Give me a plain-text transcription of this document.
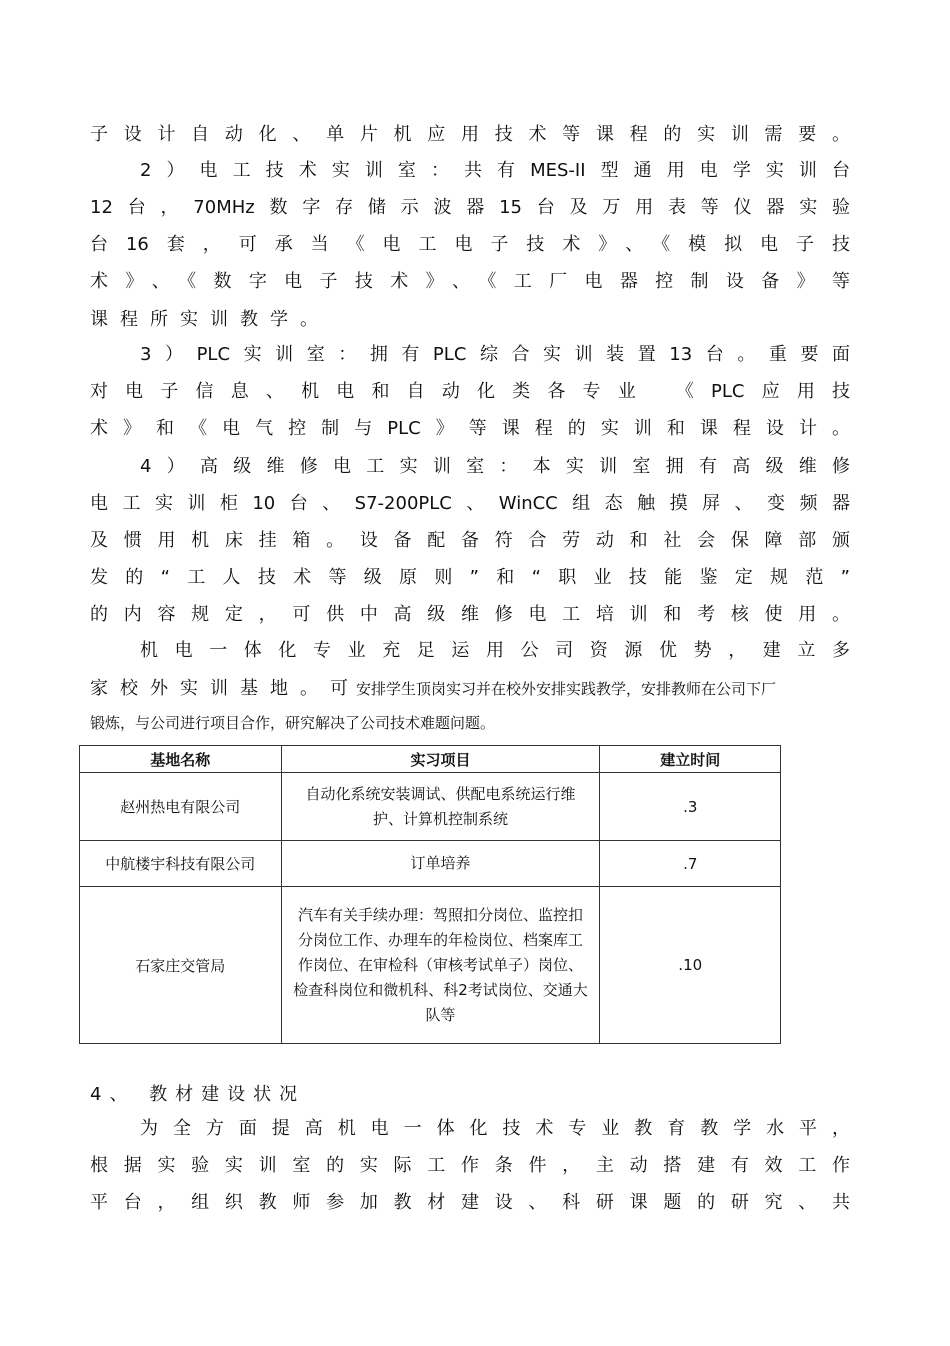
子设计自动化、单片机应用技术等课程的实训需要。
2）电工技术实训室：共有MES-II型通用电学实训台
12台，70MHz数字存储示波器15台及万用表等仪器实验
台16套，可承当《电工电子技术》、《模拟电子技
术》、《数字电子技术》、《工厂电器控制设备》等
课程所实训教学。
3）PLC实训室：拥有PLC综合实训装置13台。重要面
对电子信息、机电和自动化类各专业 《PLC应用技
术》和《电气控制与PLC》等课程的实训和课程设计。
4）高级维修电工实训室：本实训室拥有高级维修
电工实训柜10台、S7-200PLC、WinCC组态触摸屏、变频器
及惯用机床挂箱。设备配备符合劳动和社会保障部颁
发的“工人技术等级原则”和“职业技能鉴定规范”
的内容规定，可供中高级维修电工培训和考核使用。
机电一体化专业充足运用公司资源优势，建立多
家校外实训基地。可
安排学生顶岗实习并在校外安排实践教学，安排教师在公司下厂
锻炼，与公司进行项目合作，研究解决了公司技术难题问题。
基地名称	实习项目	建立时间
赵州热电有限公司	自动化系统安装调试、供配电系统运行维护、计算机控制系统	.3
中航楼宇科技有限公司	订单培养	.7
石家庄交管局	汽车有关手续办理：驾照扣分岗位、监控扣分岗位工作、办理车的年检岗位、档案库工作岗位、在审检科（审核考试单子）岗位、检查科岗位和微机科、科2考试岗位、交通大队等	.10
4、 教材建设状况
为全方面提高机电一体化技术专业教育教学水平，
根据实验实训室的实际工作条件，主动搭建有效工作
平台，组织教师参加教材建设、科研课题的研究、共
